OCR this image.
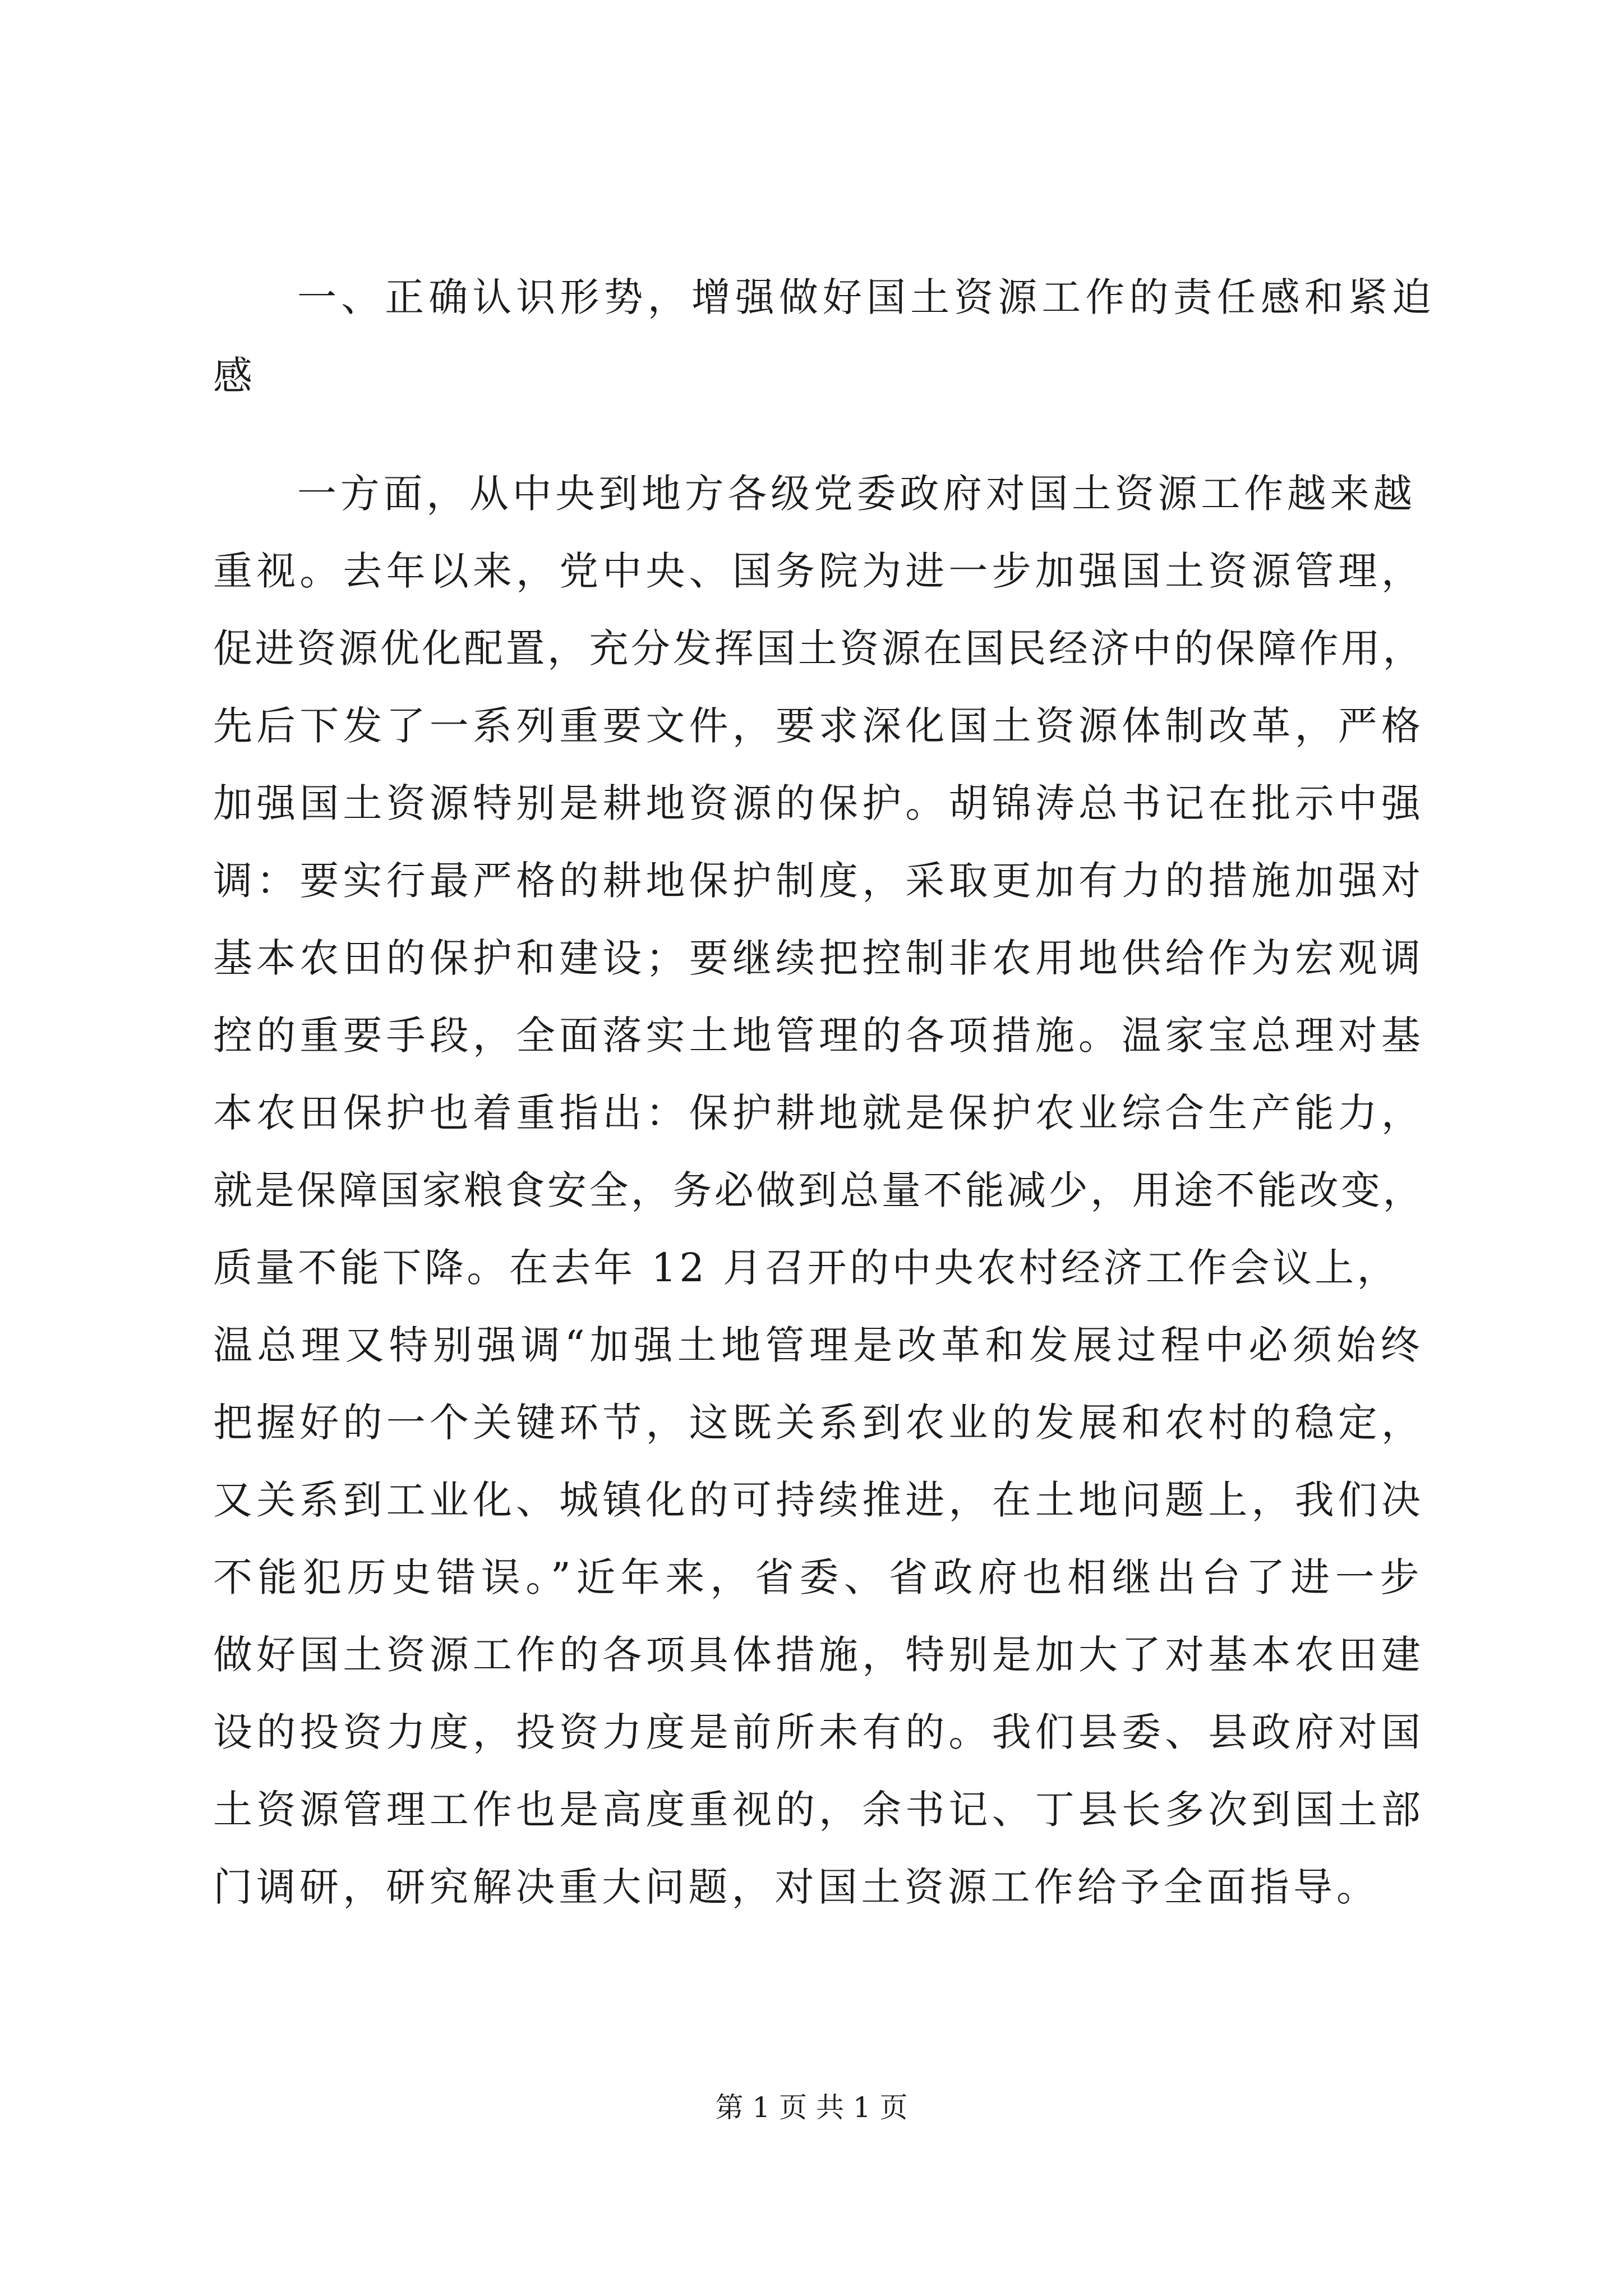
一、正确认识形势，增强做好国土资源工作的责任感和紧迫
感
一方面，从中央到地方各级党委政府对国土资源工作越来越
重视。去年以来，党中央、国务院为进一步加强国土资源管理，
促进资源优化配置，充分发挥国土资源在国民经济中的保障作用，
先后下发了一系列重要文件，要求深化国土资源体制改革，严格
加强国土资源特别是耕地资源的保护。胡锦涛总书记在批示中强
调：要实行最严格的耕地保护制度，采取更加有力的措施加强对
基本农田的保护和建设；要继续把控制非农用地供给作为宏观调
控的重要手段，全面落实土地管理的各项措施。温家宝总理对基
本农田保护也着重指出：保护耕地就是保护农业综合生产能力，
就是保障国家粮食安全，务必做到总量不能减少，用途不能改变，
质量不能下降。在去年 12 月召开的中央农村经济工作会议上，
温总理又特别强调“加强土地管理是改革和发展过程中必须始终
把握好的一个关键环节，这既关系到农业的发展和农村的稳定，
又关系到工业化、城镇化的可持续推进，在土地问题上，我们决
不能犯历史错误。”近年来，省委、省政府也相继出台了进一步
做好国土资源工作的各项具体措施，特别是加大了对基本农田建
设的投资力度，投资力度是前所未有的。我们县委、县政府对国
土资源管理工作也是高度重视的，余书记、丁县长多次到国土部
门调研，研究解决重大问题，对国土资源工作给予全面指导。
第 1 页 共 1 页
